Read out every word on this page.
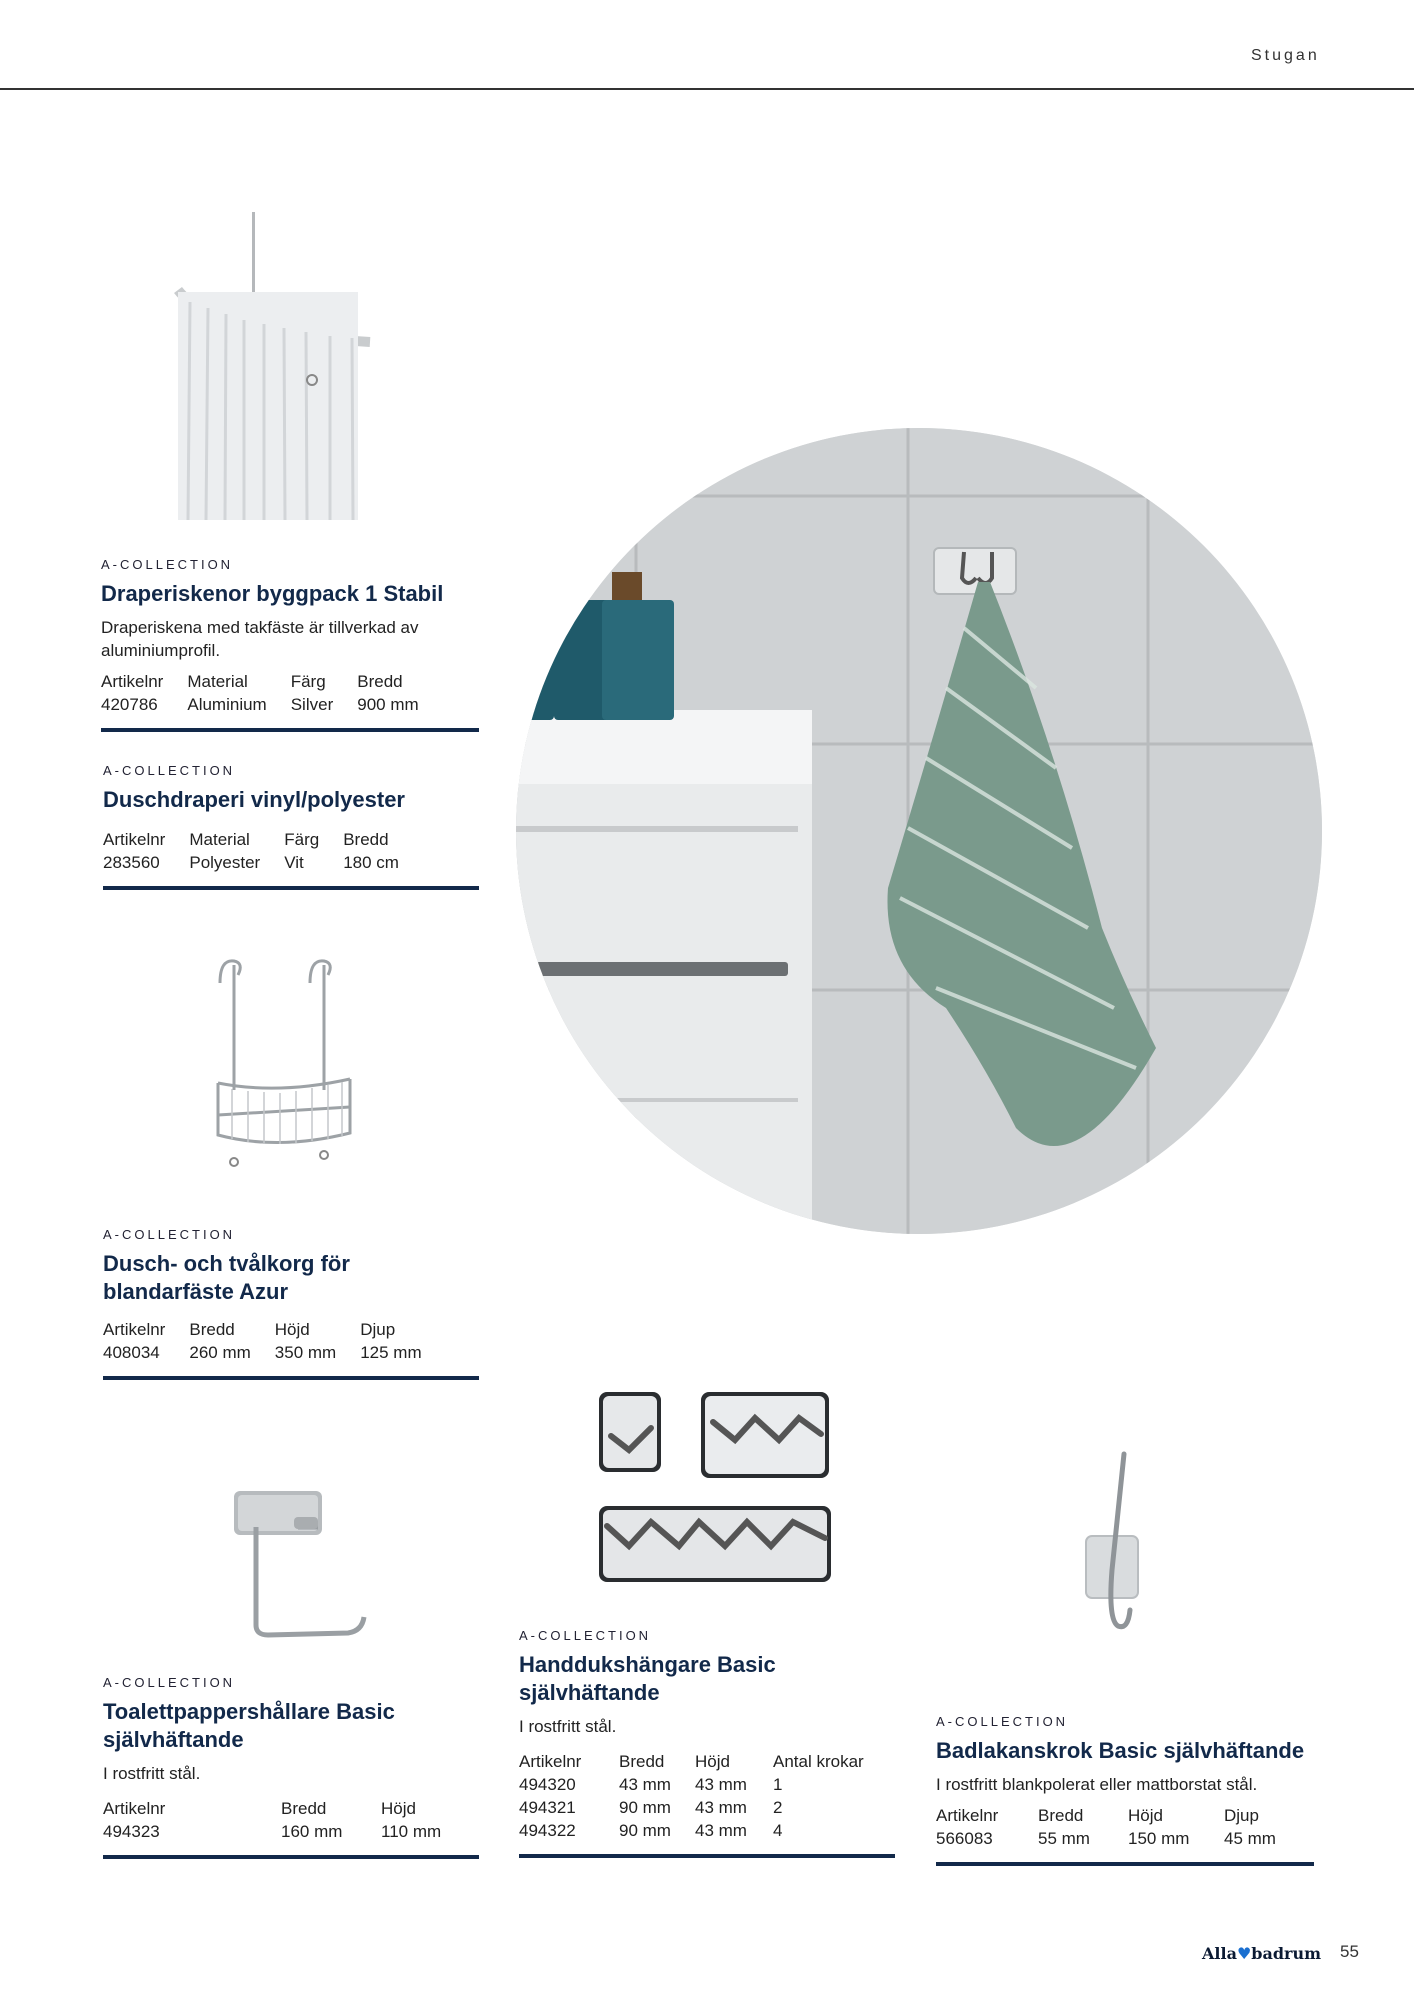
Stugan
A-COLLECTION
Draperiskenor byggpack 1 Stabil
Draperiskena med takfäste är tillverkad av aluminiumprofil.
Artikelnr	Material	Färg	Bredd
420786	Aluminium	Silver	900 mm
A-COLLECTION
Duschdraperi vinyl/polyester
Artikelnr	Material	Färg	Bredd
283560	Polyester	Vit	180 cm
A-COLLECTION
Dusch- och tvålkorg för
blandarfäste Azur
Artikelnr	Bredd	Höjd	Djup
408034	260 mm	350 mm	125 mm
A-COLLECTION
Toalettpappershållare Basic
självhäftande
I rostfritt stål.
Artikelnr	Bredd	Höjd
494323	160 mm	110 mm
A-COLLECTION
Handdukshängare Basic
självhäftande
I rostfritt stål.
Artikelnr	Bredd	Höjd	Antal krokar
494320	43 mm	43 mm	1
494321	90 mm	43 mm	2
494322	90 mm	43 mm	4
A-COLLECTION
Badlakanskrok Basic självhäftande
I rostfritt blankpolerat eller mattborstat stål.
Artikelnr	Bredd	Höjd	Djup
566083	55 mm	150 mm	45 mm
Alla♥badrum 55
